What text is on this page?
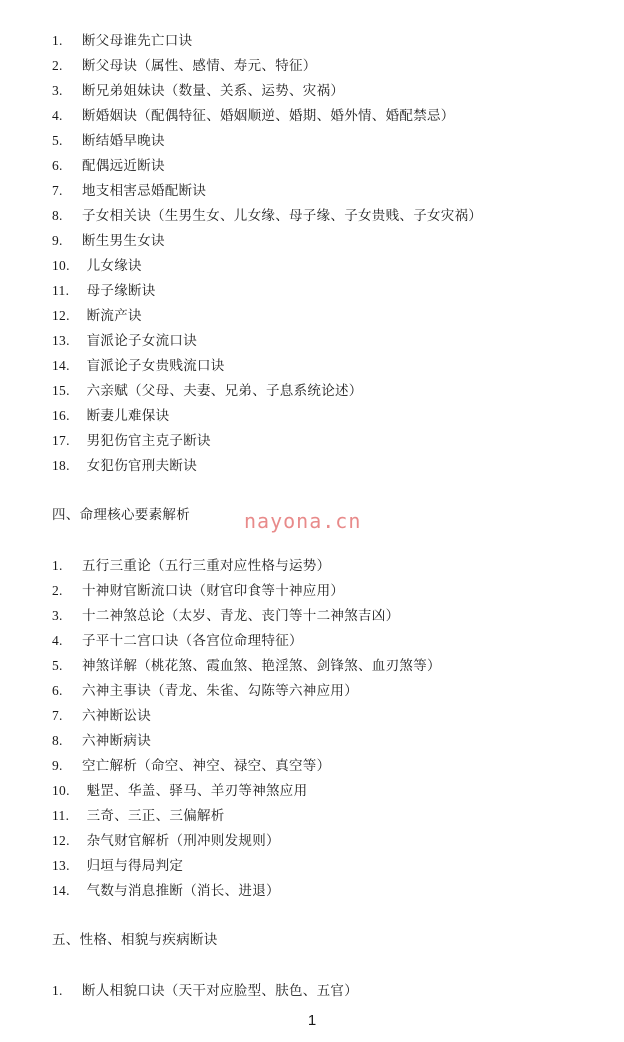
1. 断父母谁先亡口诀
2. 断父母诀（属性、感情、寿元、特征）
3. 断兄弟姐妹诀（数量、关系、运势、灾祸）
4. 断婚姻诀（配偶特征、婚姻顺逆、婚期、婚外情、婚配禁忌）
5. 断结婚早晚诀
6. 配偶远近断诀
7. 地支相害忌婚配断诀
8. 子女相关诀（生男生女、儿女缘、母子缘、子女贵贱、子女灾祸）
9. 断生男生女诀
10. 儿女缘诀
11. 母子缘断诀
12. 断流产诀
13. 盲派论子女流口诀
14. 盲派论子女贵贱流口诀
15. 六亲赋（父母、夫妻、兄弟、子息系统论述）
16. 断妻儿难保诀
17. 男犯伤官主克子断诀
18. 女犯伤官刑夫断诀
四、命理核心要素解析	nayona.cn
1. 五行三重论（五行三重对应性格与运势）
2. 十神财官断流口诀（财官印食等十神应用）
3. 十二神煞总论（太岁、青龙、丧门等十二神煞吉凶）
4. 子平十二宫口诀（各宫位命理特征）
5. 神煞详解（桃花煞、霞血煞、艳淫煞、剑锋煞、血刃煞等）
6. 六神主事诀（青龙、朱雀、勾陈等六神应用）
7. 六神断讼诀
8. 六神断病诀
9. 空亡解析（命空、神空、禄空、真空等）
10. 魁罡、华盖、驿马、羊刃等神煞应用
11. 三奇、三正、三偏解析
12. 杂气财官解析（刑冲则发规则）
13. 归垣与得局判定
14. 气数与消息推断（消长、进退）
五、性格、相貌与疾病断诀
1. 断人相貌口诀（天干对应脸型、肤色、五官）
1
